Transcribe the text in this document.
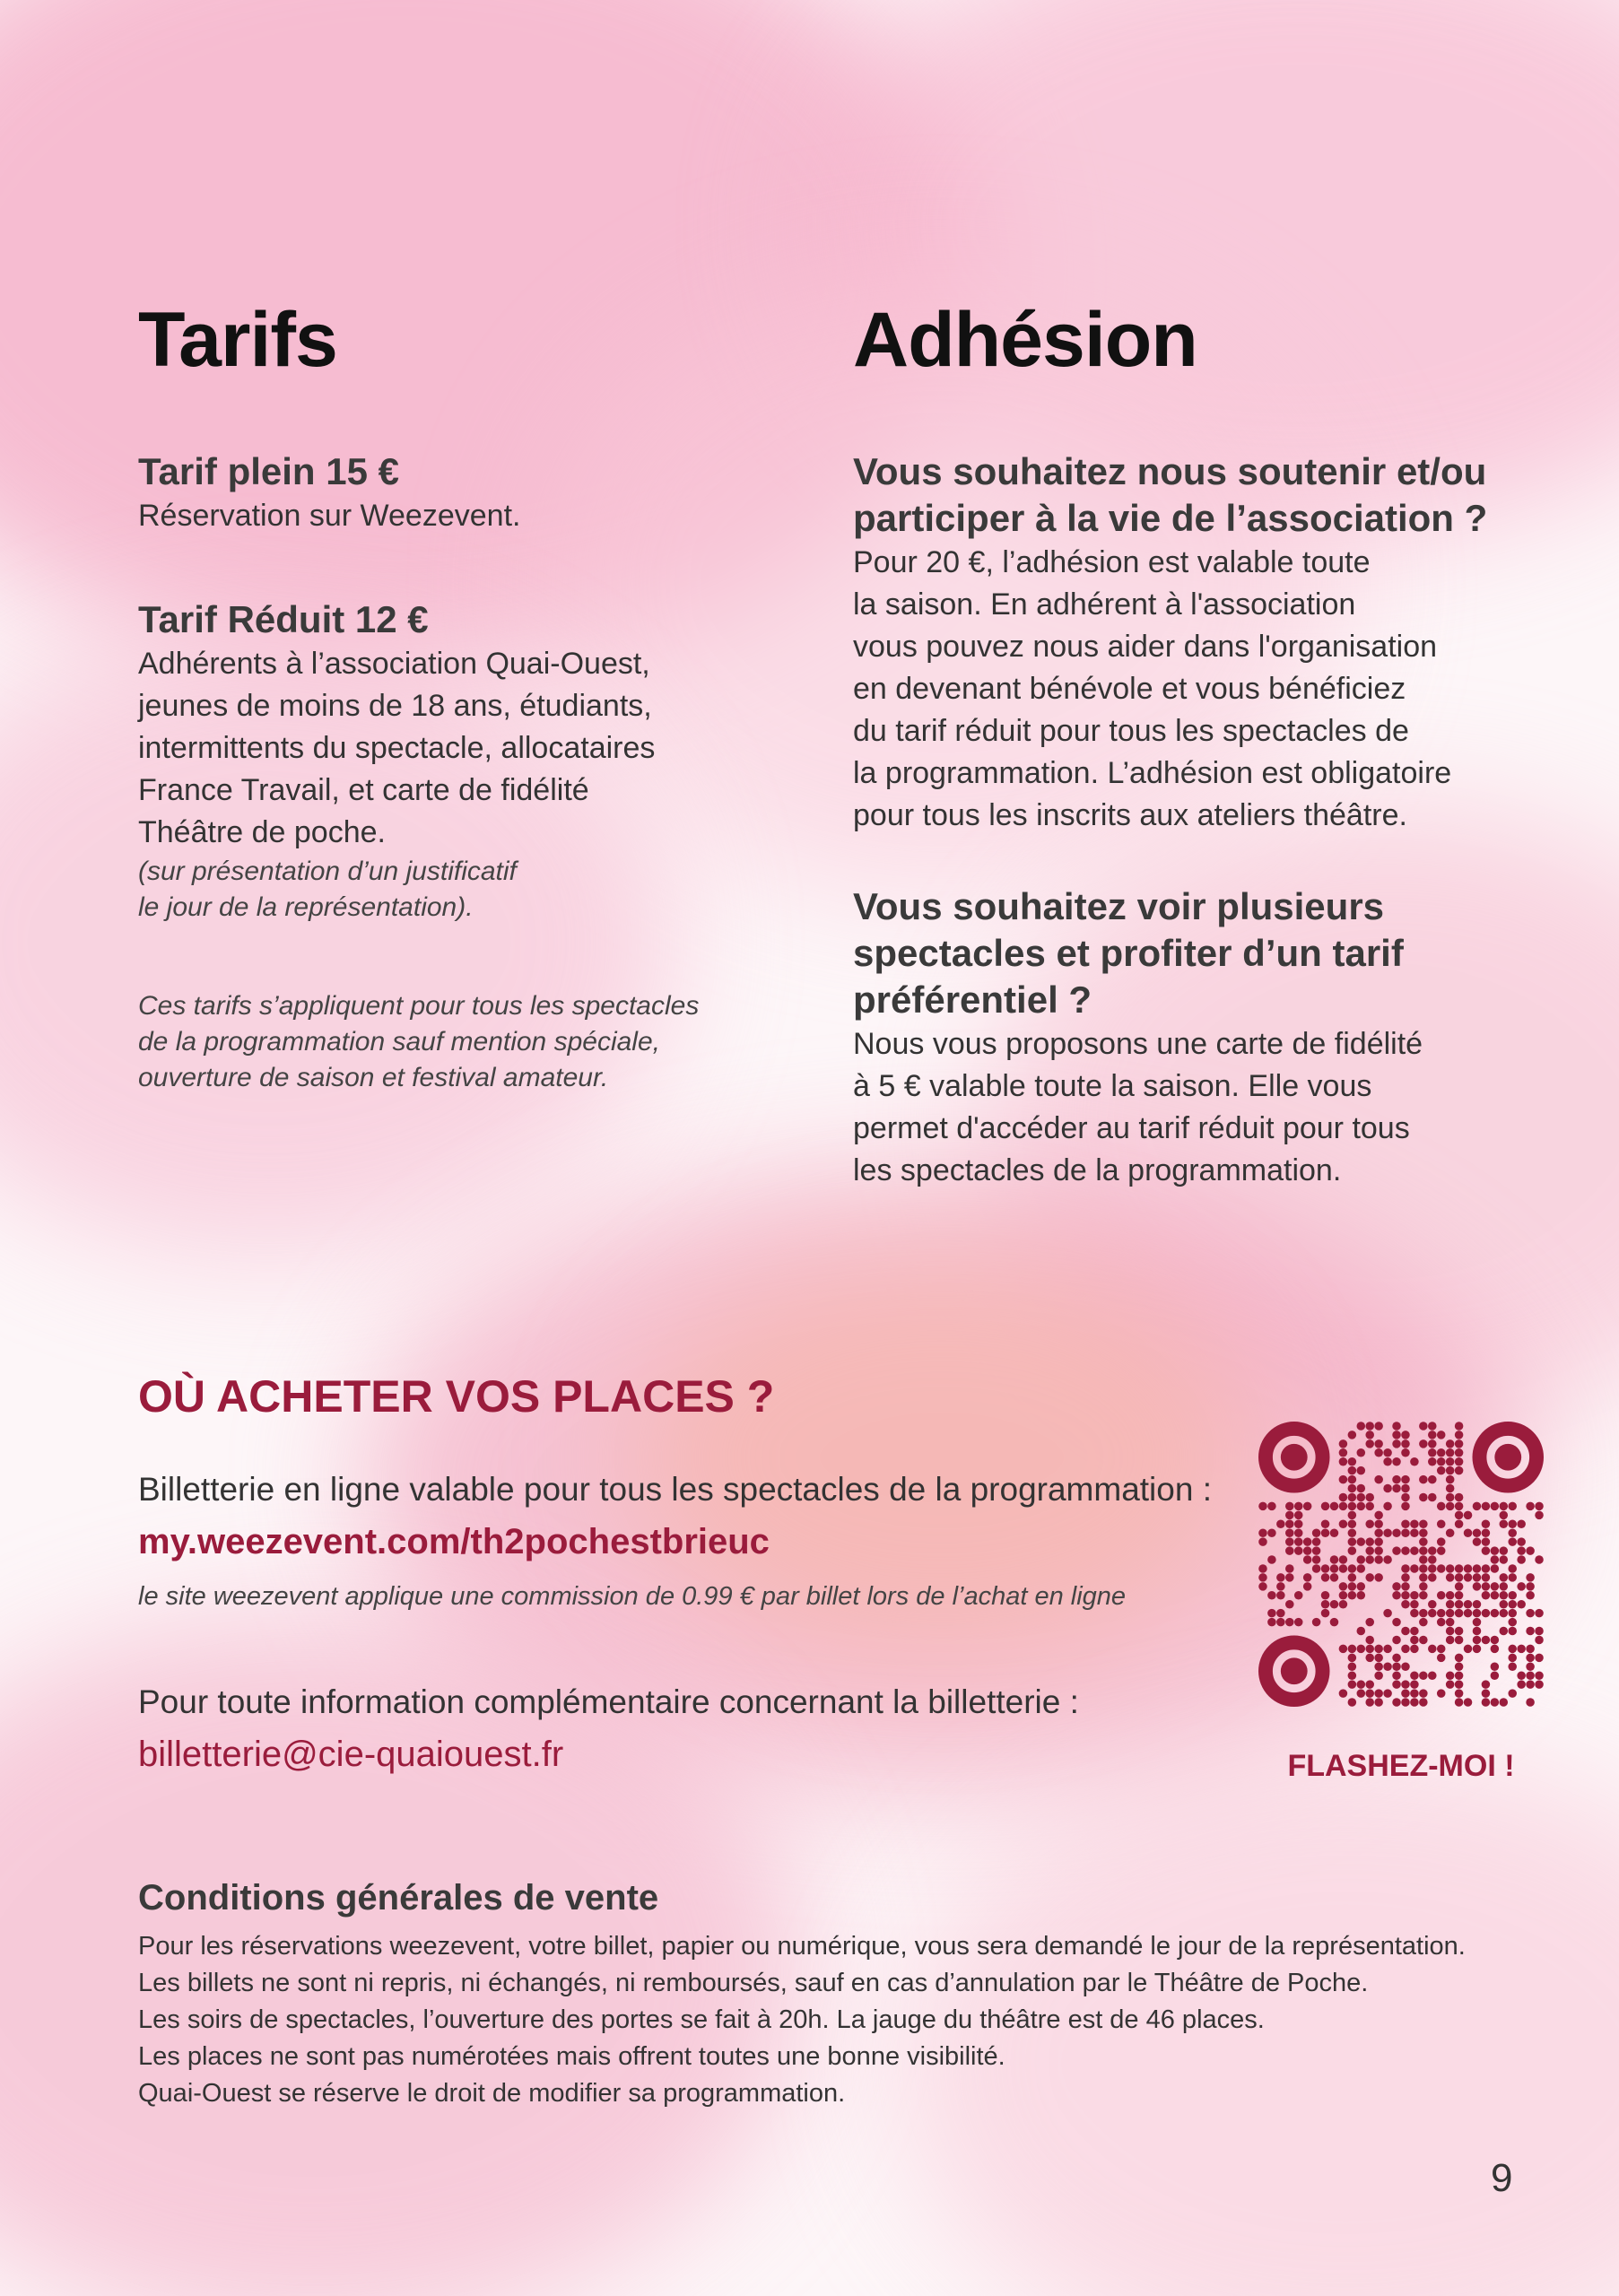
Tarifs	Adhésion

Tarif plein 15 €

Réservation sur Weezevent.

Tarif Réduit 12 €

Adhérents à l’association Quai-Ouest,

jeunes de moins de 18 ans, étudiants,

intermittents du spectacle, allocataires

France Travail, et carte de fidélité

Théâtre de poche.

(sur présentation d’un justificatif

le jour de la représentation).

Ces tarifs s’appliquent pour tous les spectacles

de la programmation sauf mention spéciale,

ouverture de saison et festival amateur.

Vous souhaitez nous soutenir et/ou

participer à la vie de l’association ?

Pour 20 €, l’adhésion est valable toute

la saison. En adhérent à l'association

vous pouvez nous aider dans l'organisation

en devenant bénévole et vous bénéficiez

du tarif réduit pour tous les spectacles de

la programmation. L’adhésion est obligatoire

pour tous les inscrits aux ateliers théâtre.

Vous souhaitez voir plusieurs

spectacles et profiter d’un tarif

préférentiel ?

Nous vous proposons une carte de fidélité

à 5 € valable toute la saison. Elle vous

permet d'accéder au tarif réduit pour tous

les spectacles de la programmation.

OÙ ACHETER VOS PLACES ?

Billetterie en ligne valable pour tous les spectacles de la programmation :

my.weezevent.com/th2pochestbrieuc

le site weezevent applique une commission de 0.99 € par billet lors de l’achat en ligne

Pour toute information complémentaire concernant la billetterie :

billetterie@cie-quaiouest.fr	FLASHEZ-MOI !

Conditions générales de vente

Pour les réservations weezevent, votre billet, papier ou numérique, vous sera demandé le jour de la représentation.
Les billets ne sont ni repris, ni échangés, ni remboursés, sauf en cas d’annulation par le Théâtre de Poche.
Les soirs de spectacles, l’ouverture des portes se fait à 20h. La jauge du théâtre est de 46 places.
Les places ne sont pas numérotées mais offrent toutes une bonne visibilité.
Quai-Ouest se réserve le droit de modifier sa programmation.

9
